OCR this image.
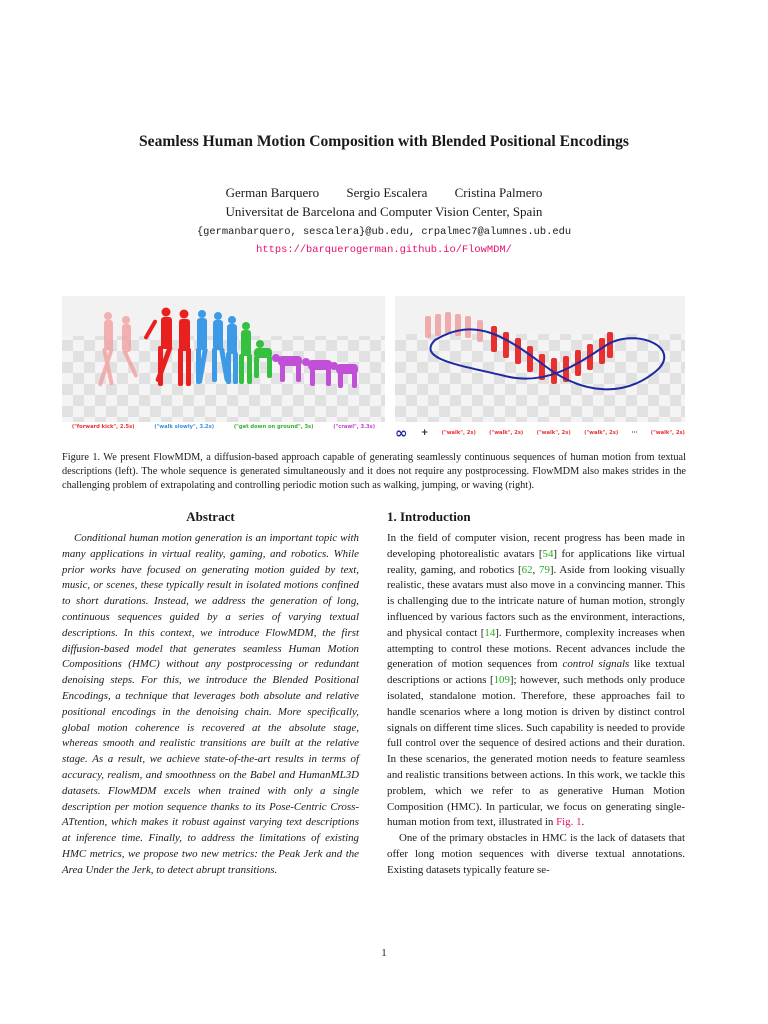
Seamless Human Motion Composition with Blended Positional Encodings
German Barquero Sergio Escalera Cristina Palmero
Universitat de Barcelona and Computer Vision Center, Spain
{germanbarquero, sescalera}@ub.edu, crpalmec7@alumnes.ub.edu
https://barquerogerman.github.io/FlowMDM/
("forward kick", 2.5s)	("walk slowly", 3.2s)	("get down on ground", 3s)	("crawl", 3.3s) ∞ +	("walk", 2s)	("walk", 2s)	("walk", 2s)	("walk", 2s)	···	("walk", 2s)
Figure 1. We present FlowMDM, a diffusion-based approach capable of generating seamlessly continuous sequences of human motion from textual descriptions (left). The whole sequence is generated simultaneously and it does not require any postprocessing. FlowMDM also makes strides in the challenging problem of extrapolating and controlling periodic motion such as walking, jumping, or waving (right).
Abstract	1. Introduction
Conditional human motion generation is an important topic with many applications in virtual reality, gaming, and robotics. While prior works have focused on generating motion guided by text, music, or scenes, these typically result in isolated motions confined to short durations. Instead, we address the generation of long, continuous sequences guided by a series of varying textual descriptions. In this context, we introduce FlowMDM, the first diffusion-based model that generates seamless Human Motion Compositions (HMC) without any postprocessing or redundant denoising steps. For this, we introduce the Blended Positional Encodings, a technique that leverages both absolute and relative positional encodings in the denoising chain. More specifically, global motion coherence is recovered at the absolute stage, whereas smooth and realistic transitions are built at the relative stage. As a result, we achieve state-of-the-art results in terms of accuracy, realism, and smoothness on the Babel and HumanML3D datasets. FlowMDM excels when trained with only a single description per motion sequence thanks to its Pose-Centric Cross-ATtention, which makes it robust against varying text descriptions at inference time. Finally, to address the limitations of existing HMC metrics, we propose two new metrics: the Peak Jerk and the Area Under the Jerk, to detect abrupt transitions.

In the field of computer vision, recent progress has been made in developing photorealistic avatars [54] for applications like virtual reality, gaming, and robotics [62, 79]. Aside from looking visually realistic, these avatars must also move in a convincing manner. This is challenging due to the intricate nature of human motion, strongly influenced by various factors such as the environment, interactions, and physical contact [14]. Furthermore, complexity increases when attempting to control these motions. Recent advances include the generation of motion sequences from control signals like textual descriptions or actions [109]; however, such methods only produce isolated, standalone motion. Therefore, these approaches fail to handle scenarios where a long motion is driven by distinct control signals on different time slices. Such capability is needed to provide full control over the sequence of desired actions and their duration. In these scenarios, the generated motion needs to feature seamless and realistic transitions between actions. In this work, we tackle this problem, which we refer to as generative Human Motion Composition (HMC). In particular, we focus on generating single-human motion from text, illustrated in Fig. 1.

One of the primary obstacles in HMC is the lack of datasets that offer long motion sequences with diverse textual annotations. Existing datasets typically feature se-

1
